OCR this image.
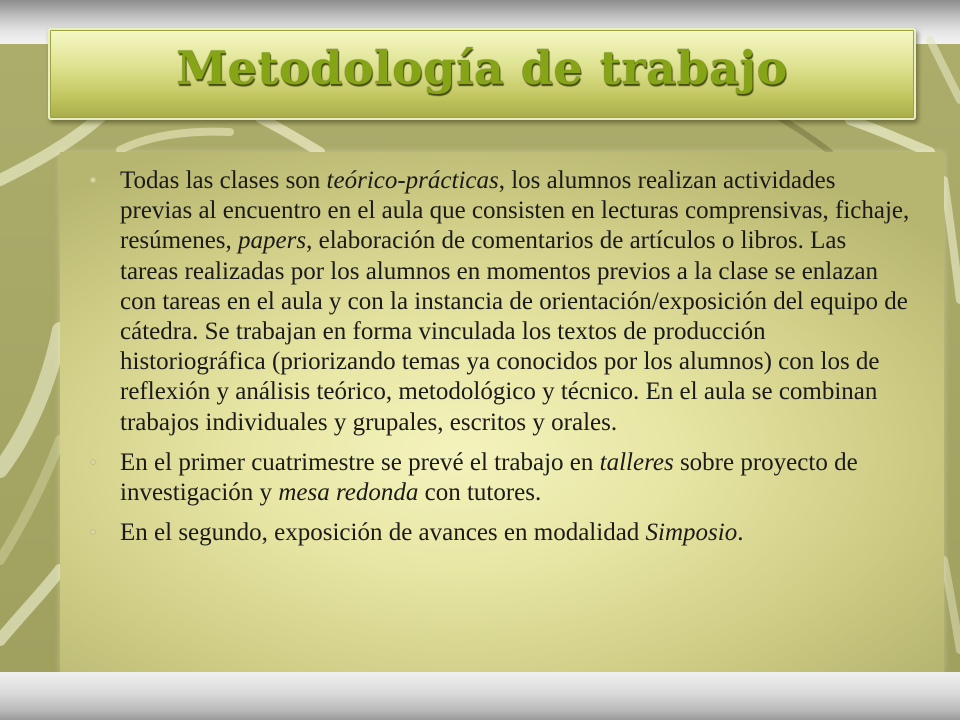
Metodología de trabajo
Todas las clases son teórico-prácticas, los alumnos realizan actividades previas al encuentro en el aula que consisten en lecturas comprensivas, fichaje, resúmenes, papers, elaboración de comentarios de artículos o libros. Las tareas realizadas por los alumnos en momentos previos a la clase se enlazan con tareas en el aula y con la instancia de orientación/exposición del equipo de cátedra. Se trabajan en forma vinculada los textos de producción historiográfica (priorizando temas ya conocidos por los alumnos) con los de reflexión y análisis teórico, metodológico y técnico. En el aula se combinan trabajos individuales y grupales, escritos y orales.
En el primer cuatrimestre se prevé el trabajo en talleres sobre proyecto de investigación y mesa redonda con tutores.
En el segundo, exposición de avances en modalidad Simposio.
